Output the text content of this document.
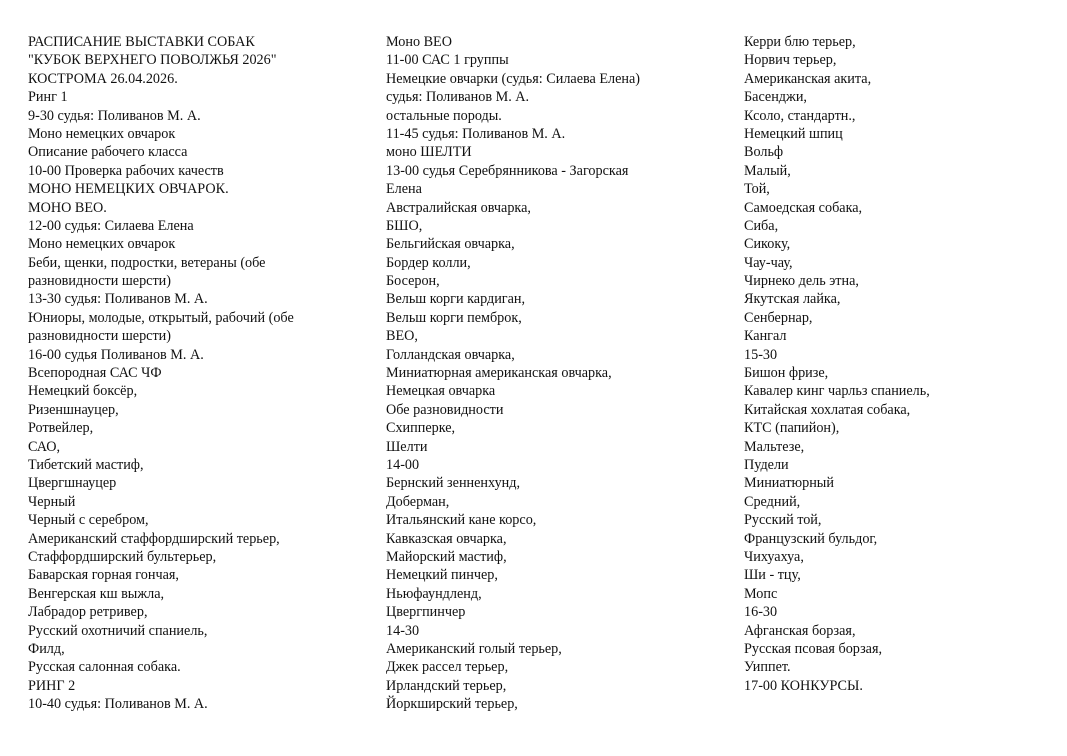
РАСПИСАНИЕ ВЫСТАВКИ СОБАК
"КУБОК ВЕРХНЕГО ПОВОЛЖЬЯ 2026"
КОСТРОМА 26.04.2026.
Ринг 1
9-30 судья: Поливанов М. А.
Моно немецких овчарок
Описание рабочего класса
10-00 Проверка рабочих качеств
МОНО НЕМЕЦКИХ ОВЧАРОК.
МОНО ВЕО.
12-00 судья: Силаева Елена
Моно немецких овчарок
Беби, щенки, подростки, ветераны (обе
разновидности шерсти)
13-30 судья: Поливанов М. А.
Юниоры, молодые, открытый, рабочий (обе
разновидности шерсти)
16-00 судья Поливанов М. А.
Всепородная САС ЧФ
Немецкий боксёр,
Ризеншнауцер,
Ротвейлер,
САО,
Тибетский мастиф,
Цвергшнауцер
Черный
Черный с серебром,
Американский стаффордширский терьер,
Стаффордширский бультерьер,
Баварская горная гончая,
Венгерская кш выжла,
Лабрадор ретривер,
Русский охотничий спаниель,
Филд,
Русская салонная собака.
РИНГ 2
10-40 судья: Поливанов М. А.
Моно ВЕО
11-00 САС 1 группы
Немецкие овчарки (судья: Силаева Елена)
судья: Поливанов М. А.
остальные породы.
11-45 судья: Поливанов М. А.
моно ШЕЛТИ
13-00 судья Серебрянникова - Загорская
Елена
Австралийская овчарка,
БШО,
Бельгийская овчарка,
Бордер колли,
Босерон,
Вельш корги кардиган,
Вельш корги пемброк,
ВЕО,
Голландская овчарка,
Миниатюрная американская овчарка,
Немецкая овчарка
Обе разновидности
Схипперке,
Шелти
14-00
Бернский зенненхунд,
Доберман,
Итальянский кане корсо,
Кавказская овчарка,
Майорский мастиф,
Немецкий пинчер,
Ньюфаундленд,
Цвергпинчер
14-30
Американский голый терьер,
Джек рассел терьер,
Ирландский терьер,
Йоркширский терьер,
Керри блю терьер,
Норвич терьер,
Американская акита,
Басенджи,
Ксоло, стандартн.,
Немецкий шпиц
Вольф
Малый,
Той,
Самоедская собака,
Сиба,
Сикоку,
Чау-чау,
Чирнеко дель этна,
Якутская лайка,
Сенбернар,
Кангал
15-30
Бишон фризе,
Кавалер кинг чарльз спаниель,
Китайская хохлатая собака,
КТС (папийон),
Мальтезе,
Пудели
Миниатюрный
Средний,
Русский той,
Французский бульдог,
Чихуахуа,
Ши - тцу,
Мопс
16-30
Афганская борзая,
Русская псовая борзая,
Уиппет.
17-00 КОНКУРСЫ.
